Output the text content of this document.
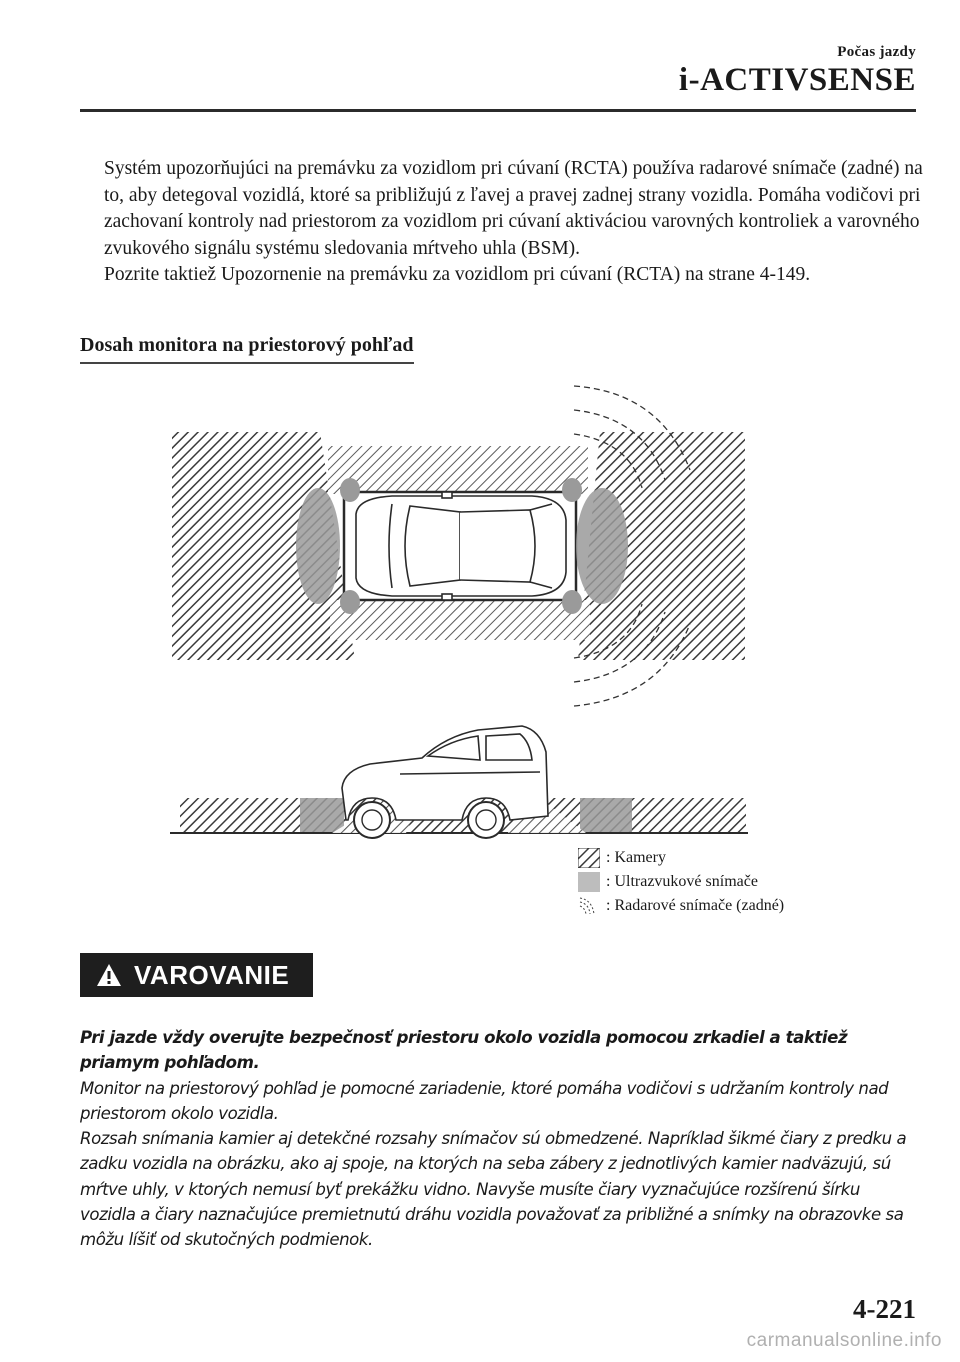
Počas jazdy
i-ACTIVSENSE

Systém upozorňujúci na premávku za vozidlom pri cúvaní (RCTA) používa radarové snímače (zadné) na to, aby detegoval vozidlá, ktoré sa približujú z ľavej a pravej zadnej strany vozidla. Pomáha vodičovi pri zachovaní kontroly nad priestorom za vozidlom pri cúvaní aktiváciou varovných kontroliek a varovného zvukového signálu systému sledovania mŕtveho uhla (BSM).

Pozrite taktiež Upozornenie na premávku za vozidlom pri cúvaní (RCTA) na strane 4-149.

Dosah monitora na priestorový pohľad
: Kamery
: Ultrazvukové snímače
: Radarové snímače (zadné)
VAROVANIE

Pri jazde vždy overujte bezpečnosť priestoru okolo vozidla pomocou zrkadiel a taktiež priamym pohľadom.

Monitor na priestorový pohľad je pomocné zariadenie, ktoré pomáha vodičovi s udržaním kontroly nad priestorom okolo vozidla.

Rozsah snímania kamier aj detekčné rozsahy snímačov sú obmedzené. Napríklad šikmé čiary z predku a zadku vozidla na obrázku, ako aj spoje, na ktorých na seba zábery z jednotlivých kamier nadväzujú, sú mŕtve uhly, v ktorých nemusí byť prekážku vidno. Navyše musíte čiary vyznačujúce rozšírenú šírku vozidla a čiary naznačujúce premietnutú dráhu vozidla považovať za približné a snímky na obrazovke sa môžu líšiť od skutočných podmienok.

4-221
carmanualsonline.info
